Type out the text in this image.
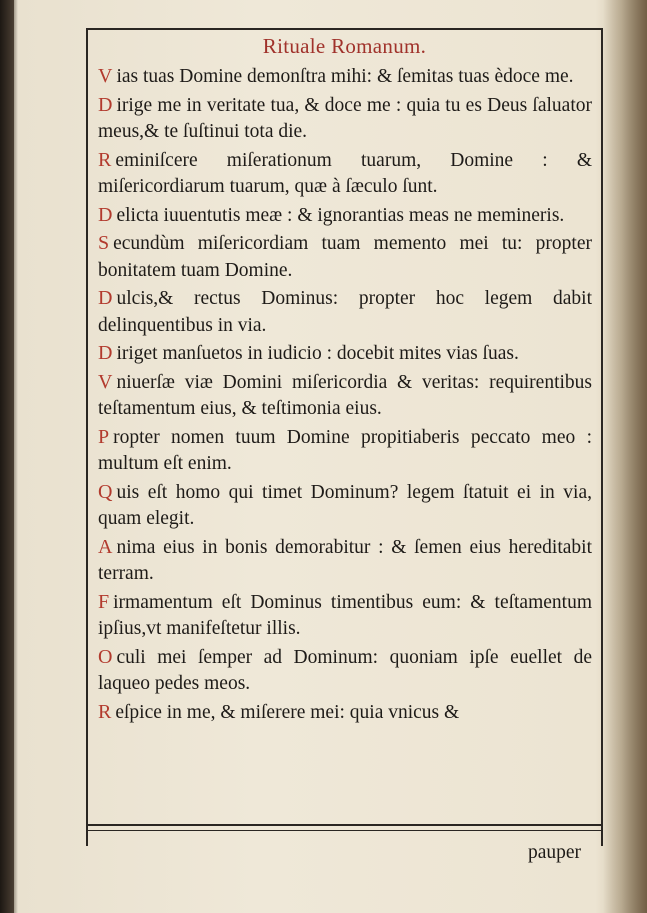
Rituale Romanum.

V ias tuas Domine demonſtra mihi: & ſemitas tuas èdoce me.

D irige me in veritate tua, & doce me : quia tu es Deus ſaluator meus,& te ſuſtinui tota die.

R eminiſcere miſerationum tuarum, Domine : & miſericordiarum tuarum, quæ à ſæculo ſunt.

D elicta iuuentutis meæ : & ignorantias meas ne memineris.

S ecundùm miſericordiam tuam memento mei tu: propter bonitatem tuam Domine.

D ulcis,& rectus Dominus: propter hoc legem dabit delinquentibus in via.

D iriget manſuetos in iudicio : docebit mites vias ſuas.

V niuerſæ viæ Domini miſericordia & veritas: requirentibus teſtamentum eius, & teſtimonia eius.

P ropter nomen tuum Domine propitiaberis peccato meo : multum eſt enim.

Q uis eſt homo qui timet Dominum? legem ſtatuit ei in via, quam elegit.

A nima eius in bonis demorabitur : & ſemen eius hereditabit terram.

F irmamentum eſt Dominus timentibus eum: & teſtamentum ipſius,vt manifeſtetur illis.

O culi mei ſemper ad Dominum: quoniam ipſe euellet de laqueo pedes meos.

R eſpice in me, & miſerere mei: quia vnicus &

pauper
